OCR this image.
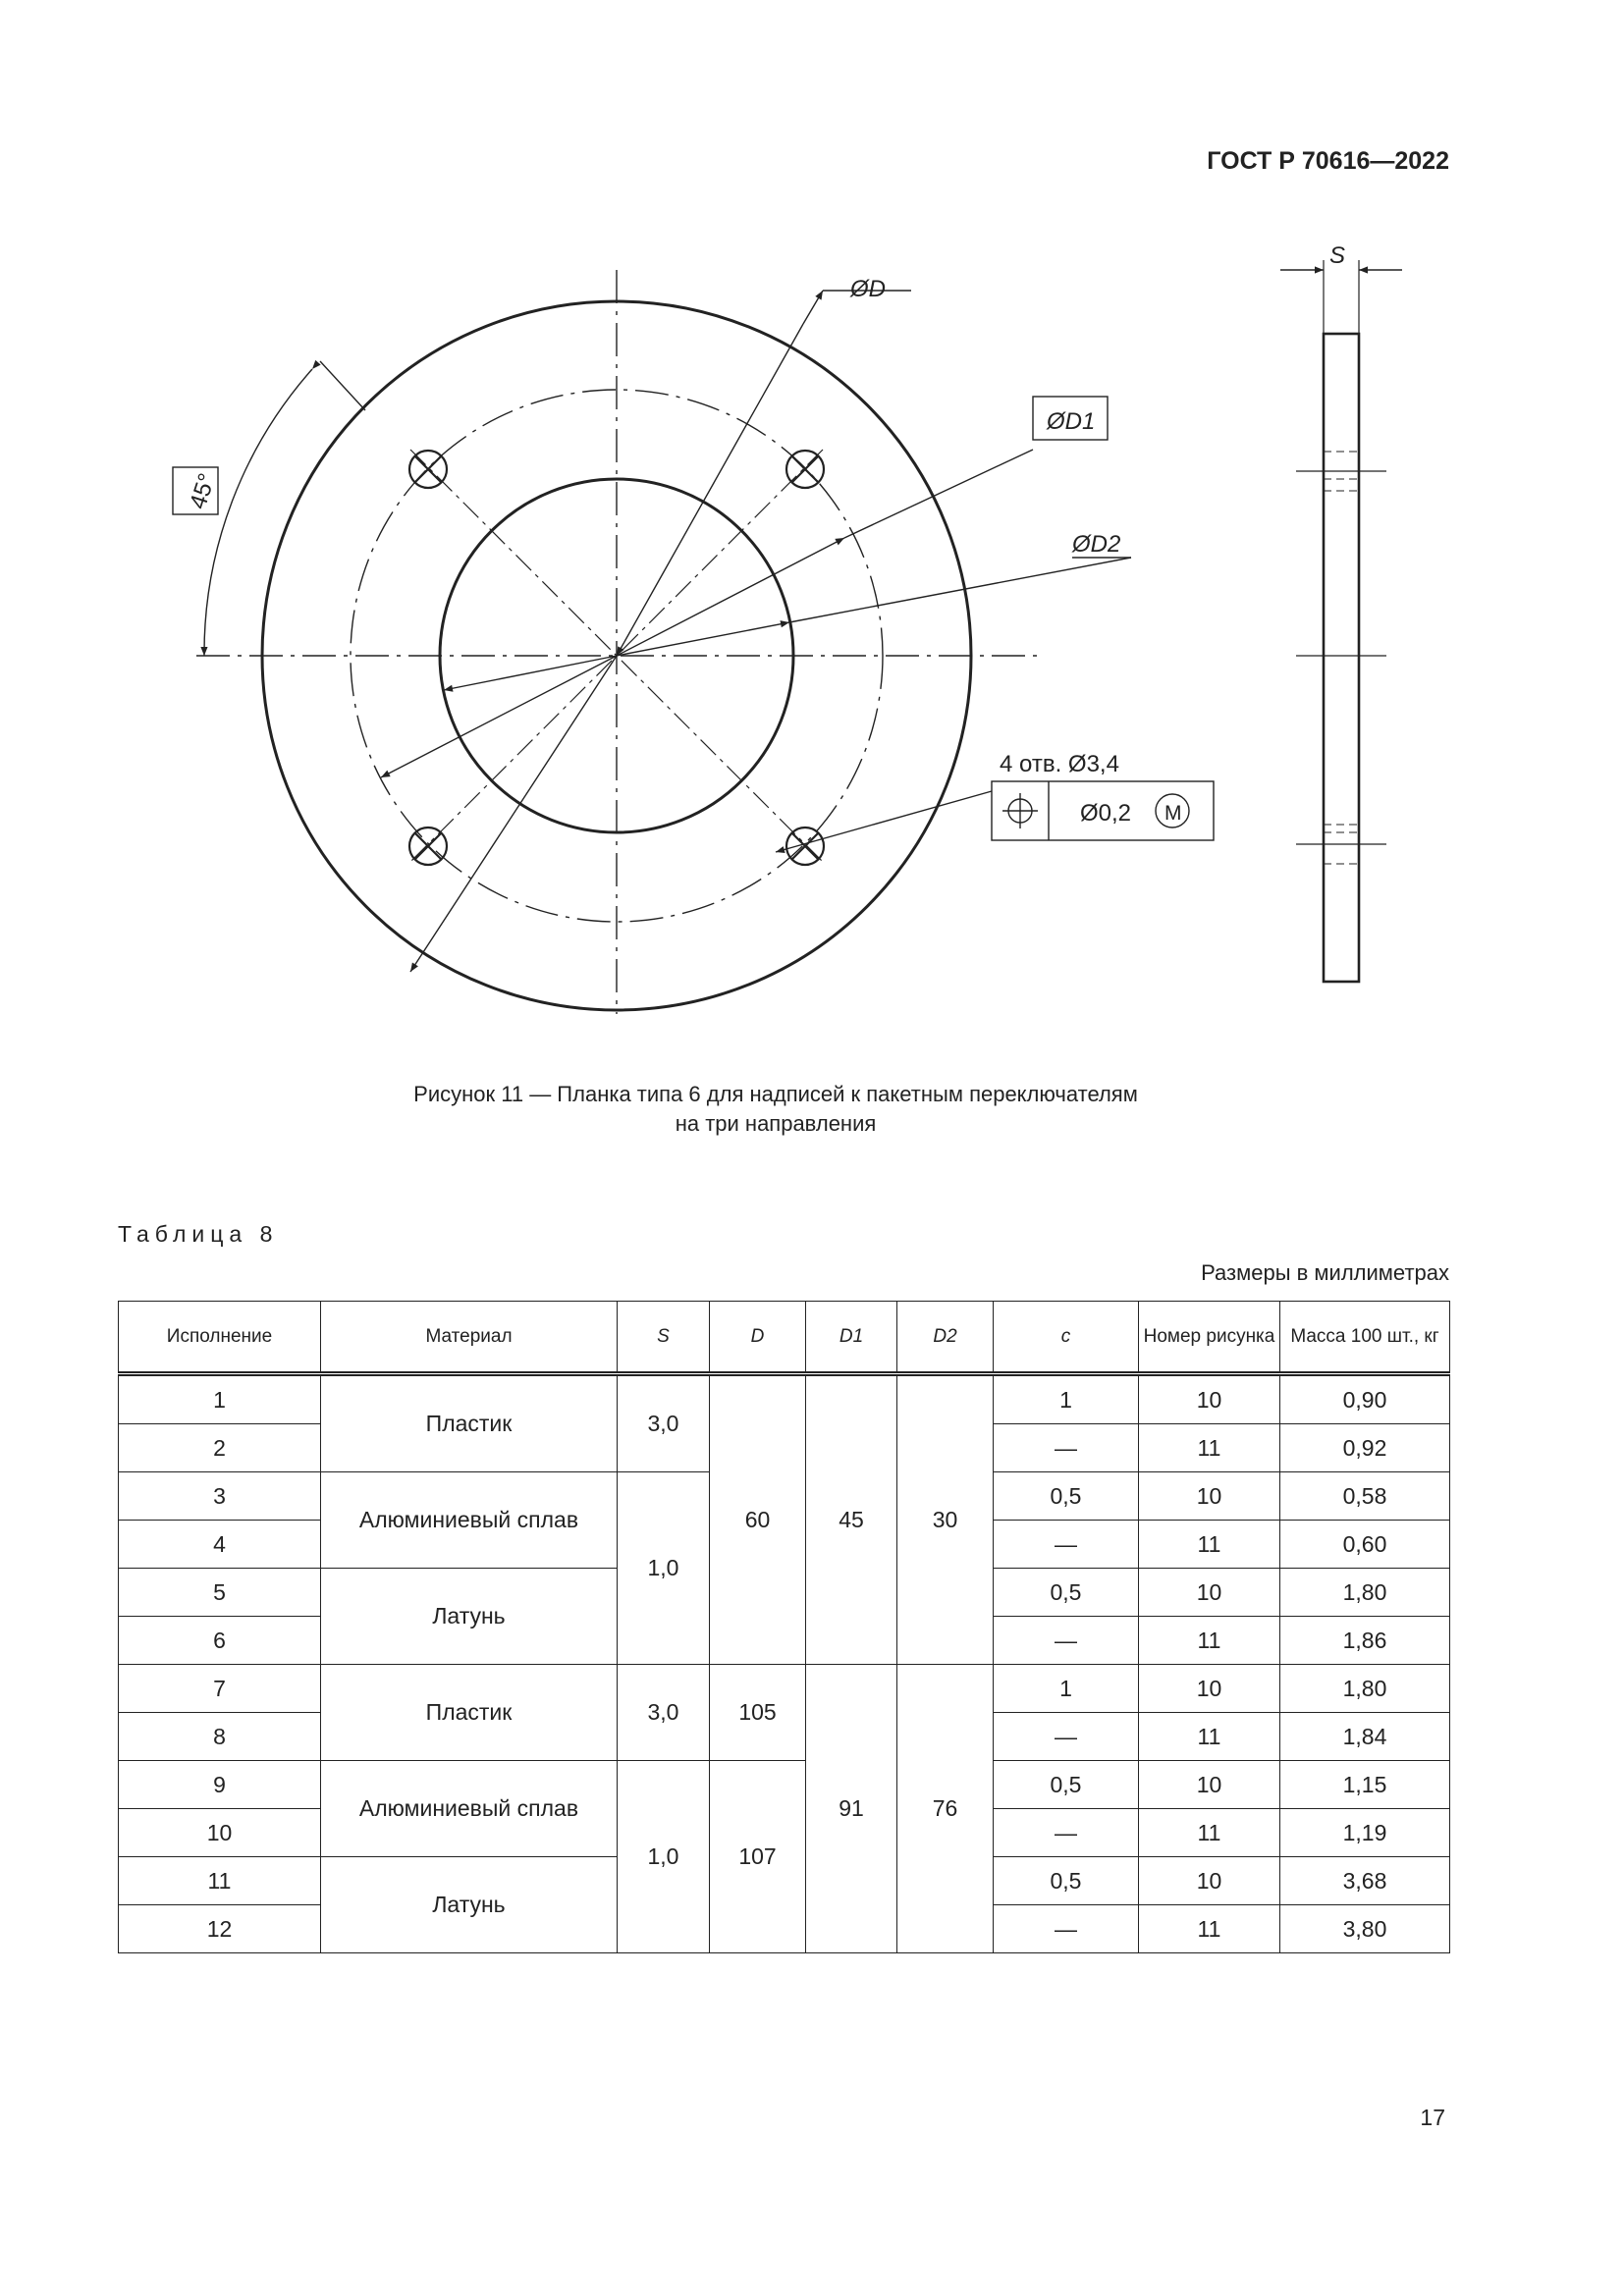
ГОСТ Р 70616—2022
ØD
ØD1
ØD2
45°
4 отв. Ø3,4
Ø0,2 M
S
Рисунок 11 — Планка типа 6 для надписей к пакетным переключателям
на три направления
Таблица 8
Размеры в миллиметрах
Исполнение	Материал	S	D	D1	D2	c	Номер рисунка	Масса 100 шт., кг
1	Пластик	3,0	60	45	30	1	10	0,90
2						—	11	0,92
3	Алюминиевый сплав	1,0				0,5	10	0,58
4						—	11	0,60
5	Латунь					0,5	10	1,80
6						—	11	1,86
7	Пластик	3,0	105	91	76	1	10	1,80
8						—	11	1,84
9	Алюминиевый сплав	1,0	107			0,5	10	1,15
10						—	11	1,19
11	Латунь					0,5	10	3,68
12						—	11	3,80
17
